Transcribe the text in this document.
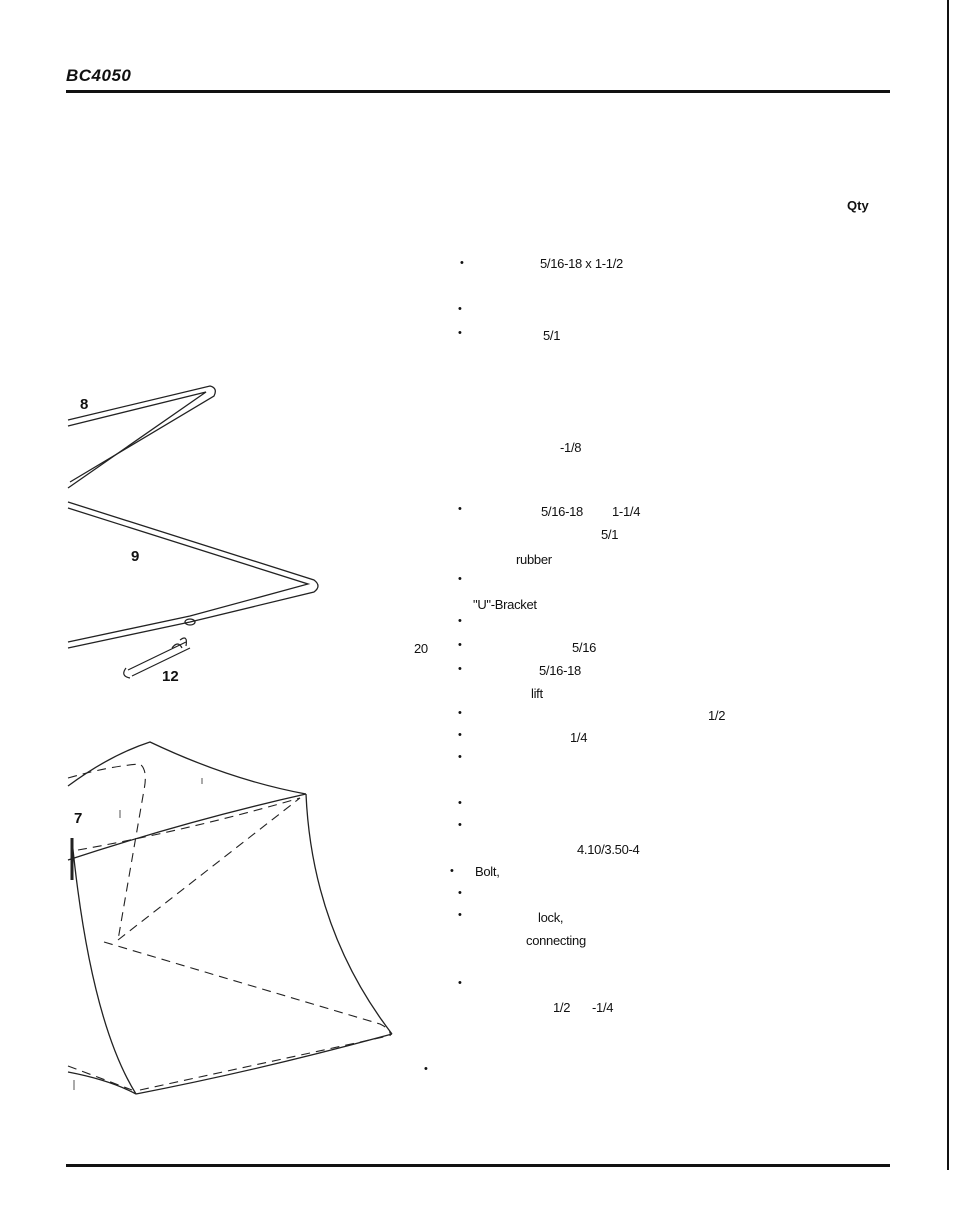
BC4050
Qty
8
9
12
7
20
•
•
•
•
•
•
•
•
•
•
•
•
•
•
•
•
•
•
5/16-18 x 1-1/2
5/1
-1/8
5/16-18 1-1/4
5/1
rubber
"U"-Bracket
5/16
5/16-18
lift
1/2
1/4
4.10/3.50-4
Bolt,
lock,
connecting
1/2 -1/4
